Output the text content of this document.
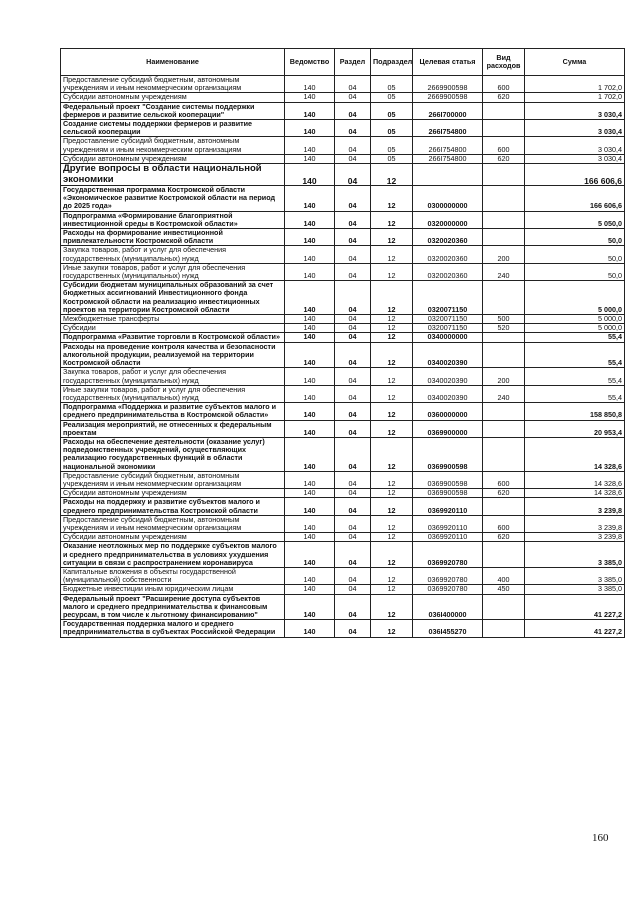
Наименование	Ведомство	Раздел	Подраздел	Целевая статья	Вид расходов	Сумма
Предоставление субсидий бюджетным, автономным учреждениям и иным некоммерческим организациям	140	04	05	2669900598	600	1 702,0
Субсидии автономным учреждениям	140	04	05	2669900598	620	1 702,0
Федеральный проект "Создание системы поддержки фермеров и развитие сельской кооперации"	140	04	05	266I700000		3 030,4
Создание системы поддержки фермеров и развитие сельской кооперации	140	04	05	266I754800		3 030,4
Предоставление субсидий бюджетным, автономным учреждениям и иным некоммерческим организациям	140	04	05	266I754800	600	3 030,4
Субсидии автономным учреждениям	140	04	05	266I754800	620	3 030,4
Другие вопросы в области национальной экономики	140	04	12			166 606,6
Государственная программа Костромской области «Экономическое развитие Костромской области на период до 2025 года»	140	04	12	0300000000		166 606,6
Подпрограмма «Формирование благоприятной инвестиционной среды в Костромской области»	140	04	12	0320000000		5 050,0
Расходы на формирование инвестиционной привлекательности Костромской области	140	04	12	0320020360		50,0
Закупка товаров, работ и услуг для обеспечения государственных (муниципальных) нужд	140	04	12	0320020360	200	50,0
Иные закупки товаров, работ и услуг для обеспечения государственных (муниципальных) нужд	140	04	12	0320020360	240	50,0
Субсидии бюджетам муниципальных образований за счет бюджетных ассигнований Инвестиционного фонда Костромской области на реализацию инвестиционных проектов на территории Костромской области	140	04	12	0320071150		5 000,0
Межбюджетные трансферты	140	04	12	0320071150	500	5 000,0
Субсидии	140	04	12	0320071150	520	5 000,0
Подпрограмма «Развитие торговли в Костромской области»	140	04	12	0340000000		55,4
Расходы на проведение контроля качества и безопасности алкогольной продукции, реализуемой на территории Костромской области	140	04	12	0340020390		55,4
Закупка товаров, работ и услуг для обеспечения государственных (муниципальных) нужд	140	04	12	0340020390	200	55,4
Иные закупки товаров, работ и услуг для обеспечения государственных (муниципальных) нужд	140	04	12	0340020390	240	55,4
Подпрограмма «Поддержка и развитие субъектов малого и среднего предпринимательства в Костромской области»	140	04	12	0360000000		158 850,8
Реализация мероприятий, не отнесенных к федеральным проектам	140	04	12	0369900000		20 953,4
Расходы на обеспечение деятельности (оказание услуг) подведомственных учреждений, осуществляющих реализацию государственных функций в области национальной экономики	140	04	12	0369900598		14 328,6
Предоставление субсидий бюджетным, автономным учреждениям и иным некоммерческим организациям	140	04	12	0369900598	600	14 328,6
Субсидии автономным учреждениям	140	04	12	0369900598	620	14 328,6
Расходы на поддержку и развитие субъектов малого и среднего предпринимательства Костромской области	140	04	12	0369920110		3 239,8
Предоставление субсидий бюджетным, автономным учреждениям и иным некоммерческим организациям	140	04	12	0369920110	600	3 239,8
Субсидии автономным учреждениям	140	04	12	0369920110	620	3 239,8
Оказание неотложных мер по поддержке субъектов малого и среднего предпринимательства в условиях ухудшения ситуации в связи с распространением коронавируса	140	04	12	0369920780		3 385,0
Капитальные вложения в объекты государственной (муниципальной) собственности	140	04	12	0369920780	400	3 385,0
Бюджетные инвестиции иным юридическим лицам	140	04	12	0369920780	450	3 385,0
Федеральный проект "Расширение доступа субъектов малого и среднего предпринимательства к финансовым ресурсам, в том числе к льготному финансированию"	140	04	12	036I400000		41 227,2
Государственная поддержка малого и среднего предпринимательства в субъектах Российской Федерации	140	04	12	036I455270		41 227,2
160
